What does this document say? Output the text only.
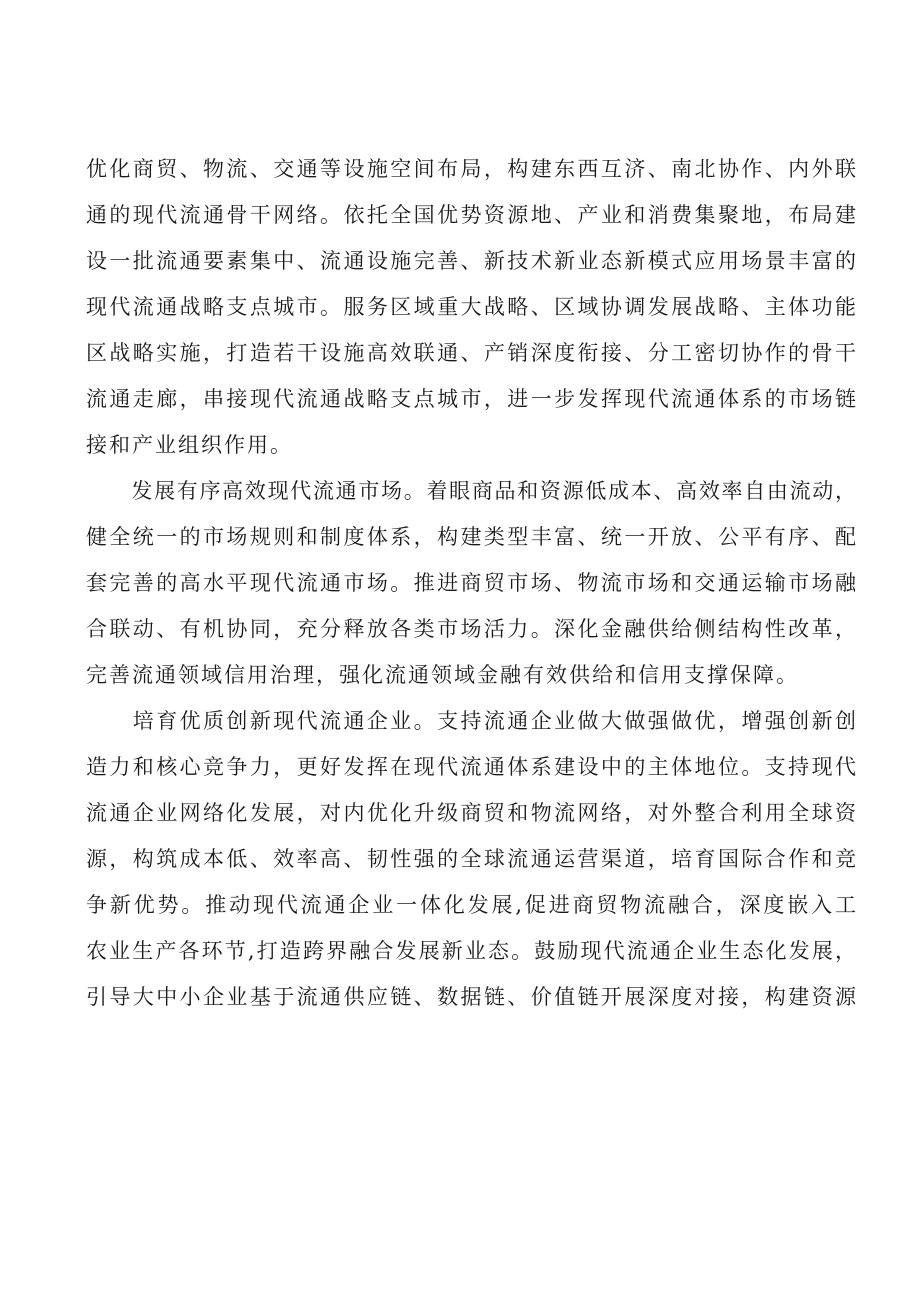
优化商贸、物流、交通等设施空间布局，构建东西互济、南北协作、内外联
通的现代流通骨干网络。依托全国优势资源地、产业和消费集聚地，布局建
设一批流通要素集中、流通设施完善、新技术新业态新模式应用场景丰富的
现代流通战略支点城市。服务区域重大战略、区域协调发展战略、主体功能
区战略实施，打造若干设施高效联通、产销深度衔接、分工密切协作的骨干
流通走廊，串接现代流通战略支点城市，进一步发挥现代流通体系的市场链
接和产业组织作用。
　　发展有序高效现代流通市场。着眼商品和资源低成本、高效率自由流动，
健全统一的市场规则和制度体系，构建类型丰富、统一开放、公平有序、配
套完善的高水平现代流通市场。推进商贸市场、物流市场和交通运输市场融
合联动、有机协同，充分释放各类市场活力。深化金融供给侧结构性改革，
完善流通领域信用治理，强化流通领域金融有效供给和信用支撑保障。
　　培育优质创新现代流通企业。支持流通企业做大做强做优，增强创新创
造力和核心竞争力，更好发挥在现代流通体系建设中的主体地位。支持现代
流通企业网络化发展，对内优化升级商贸和物流网络，对外整合利用全球资
源，构筑成本低、效率高、韧性强的全球流通运营渠道，培育国际合作和竞
争新优势。推动现代流通企业一体化发展,促进商贸物流融合，深度嵌入工
农业生产各环节,打造跨界融合发展新业态。鼓励现代流通企业生态化发展，
引导大中小企业基于流通供应链、数据链、价值链开展深度对接，构建资源
